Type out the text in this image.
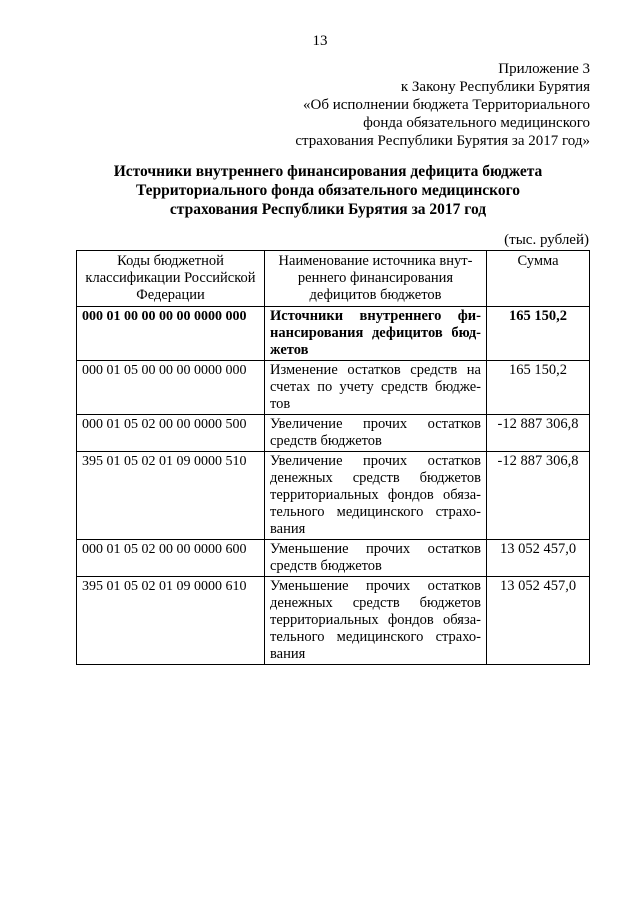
13
Приложение 3
к Закону Республики Бурятия
«Об исполнении бюджета Территориального
фонда обязательного медицинского
страхования Республики Бурятия за 2017 год»
Источники внутреннего финансирования дефицита бюджета
Территориального фонда обязательного медицинского
страхования Республики Бурятия за 2017 год
(тыс. рублей)
Коды бюджетной классификации Российской Федерации	Наименование источника внутреннего финансирования дефицитов бюджетов	Сумма
000 01 00 00 00 00 0000 000	Источники внутреннего финансирования дефицитов бюджетов	165 150,2
000 01 05 00 00 00 0000 000	Изменение остатков средств на счетах по учету средств бюджетов	165 150,2
000 01 05 02 00 00 0000 500	Увеличение прочих остатков средств бюджетов	-12 887 306,8
395 01 05 02 01 09 0000 510	Увеличение прочих остатков денежных средств бюджетов территориальных фондов обязательного медицинского страхования	-12 887 306,8
000 01 05 02 00 00 0000 600	Уменьшение прочих остатков средств бюджетов	13 052 457,0
395 01 05 02 01 09 0000 610	Уменьшение прочих остатков денежных средств бюджетов территориальных фондов обязательного медицинского страхования	13 052 457,0
